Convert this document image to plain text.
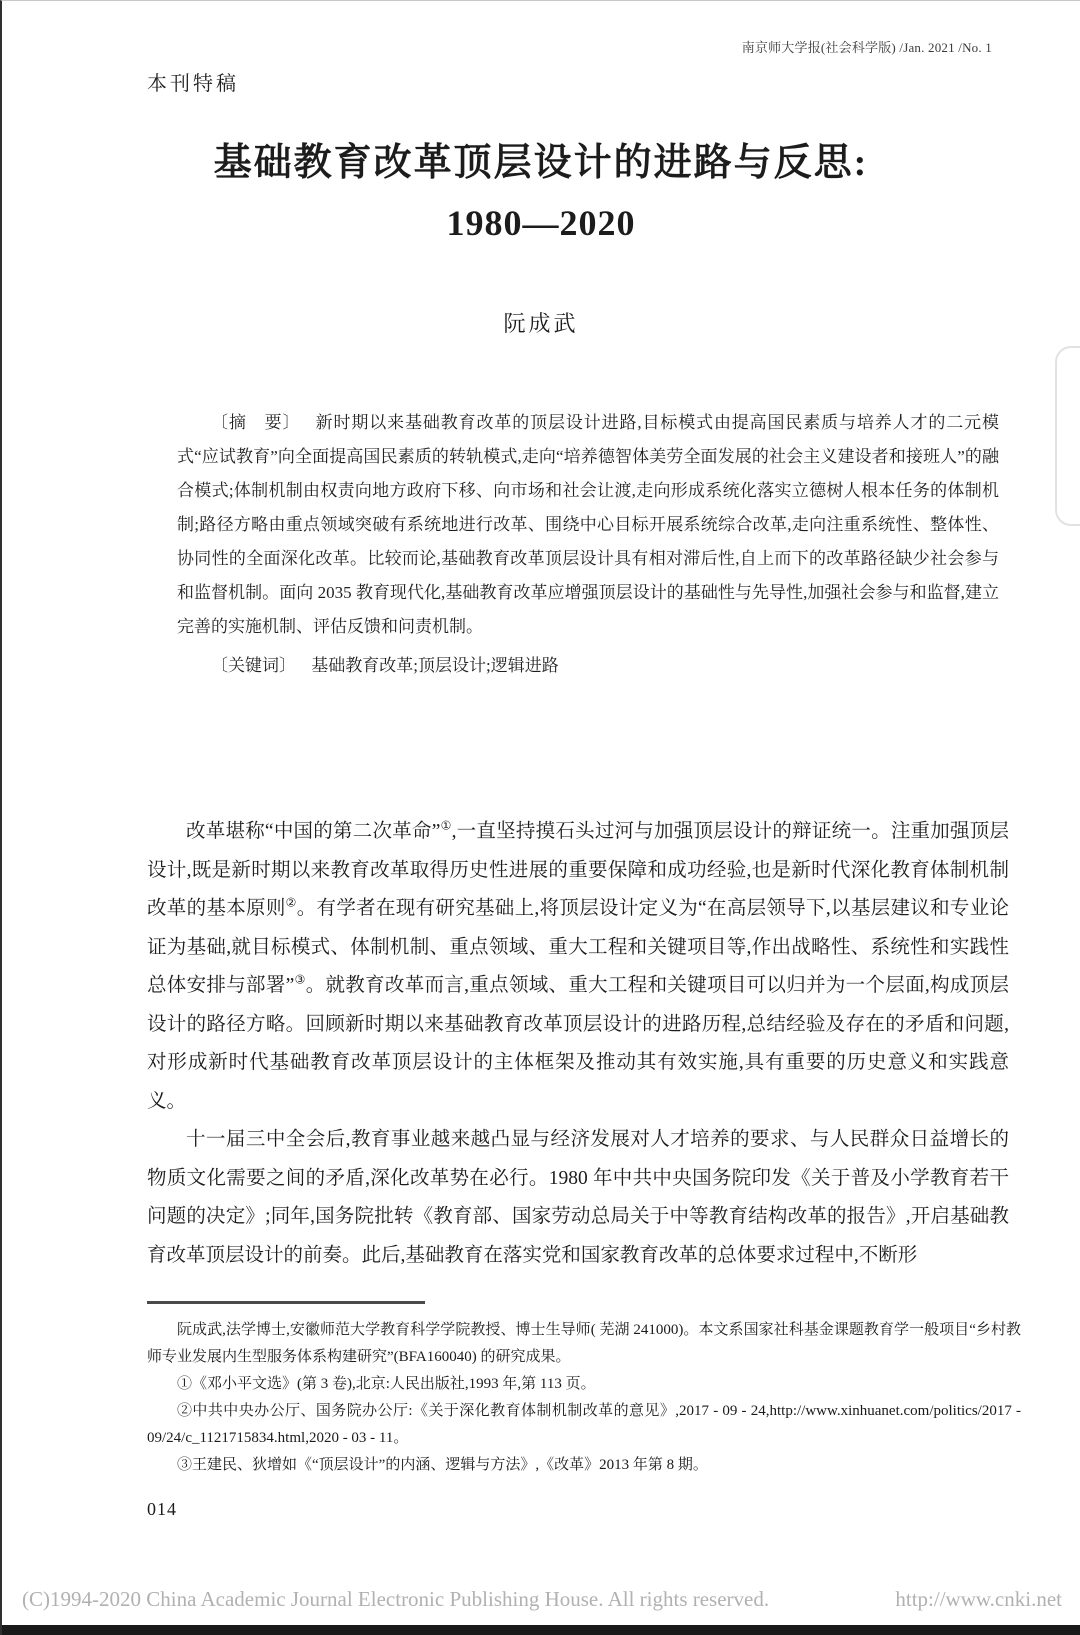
南京师大学报(社会科学版) /Jan. 2021 /No. 1
本刊特稿
基础教育改革顶层设计的进路与反思:
1980—2020
阮成武

〔摘　要〕 新时期以来基础教育改革的顶层设计进路,目标模式由提高国民素质与培养人才的二元模式“应试教育”向全面提高国民素质的转轨模式,走向“培养德智体美劳全面发展的社会主义建设者和接班人”的融合模式;体制机制由权责向地方政府下移、向市场和社会让渡,走向形成系统化落实立德树人根本任务的体制机制;路径方略由重点领域突破有系统地进行改革、围绕中心目标开展系统综合改革,走向注重系统性、整体性、协同性的全面深化改革。比较而论,基础教育改革顶层设计具有相对滞后性,自上而下的改革路径缺少社会参与和监督机制。面向 2035 教育现代化,基础教育改革应增强顶层设计的基础性与先导性,加强社会参与和监督,建立完善的实施机制、评估反馈和问责机制。

〔关键词〕 基础教育改革;顶层设计;逻辑进路

改革堪称“中国的第二次革命”①,一直坚持摸石头过河与加强顶层设计的辩证统一。注重加强顶层设计,既是新时期以来教育改革取得历史性进展的重要保障和成功经验,也是新时代深化教育体制机制改革的基本原则②。有学者在现有研究基础上,将顶层设计定义为“在高层领导下,以基层建议和专业论证为基础,就目标模式、体制机制、重点领域、重大工程和关键项目等,作出战略性、系统性和实践性总体安排与部署”③。就教育改革而言,重点领域、重大工程和关键项目可以归并为一个层面,构成顶层设计的路径方略。回顾新时期以来基础教育改革顶层设计的进路历程,总结经验及存在的矛盾和问题,对形成新时代基础教育改革顶层设计的主体框架及推动其有效实施,具有重要的历史意义和实践意义。

十一届三中全会后,教育事业越来越凸显与经济发展对人才培养的要求、与人民群众日益增长的物质文化需要之间的矛盾,深化改革势在必行。1980 年中共中央国务院印发《关于普及小学教育若干问题的决定》;同年,国务院批转《教育部、国家劳动总局关于中等教育结构改革的报告》,开启基础教育改革顶层设计的前奏。此后,基础教育在落实党和国家教育改革的总体要求过程中,不断形

阮成武,法学博士,安徽师范大学教育科学学院教授、博士生导师( 芜湖 241000)。本文系国家社科基金课题教育学一般项目“乡村教师专业发展内生型服务体系构建研究”(BFA160040) 的研究成果。

①《邓小平文选》(第 3 卷),北京:人民出版社,1993 年,第 113 页。

②中共中央办公厅、国务院办公厅:《关于深化教育体制机制改革的意见》,2017 - 09 - 24,http://www.xinhuanet.com/politics/2017 - 09/24/c_1121715834.html,2020 - 03 - 11。

③王建民、狄增如《“顶层设计”的内涵、逻辑与方法》,《改革》2013 年第 8 期。

014
(C)1994-2020 China Academic Journal Electronic Publishing House. All rights reserved.	http://www.cnki.net
